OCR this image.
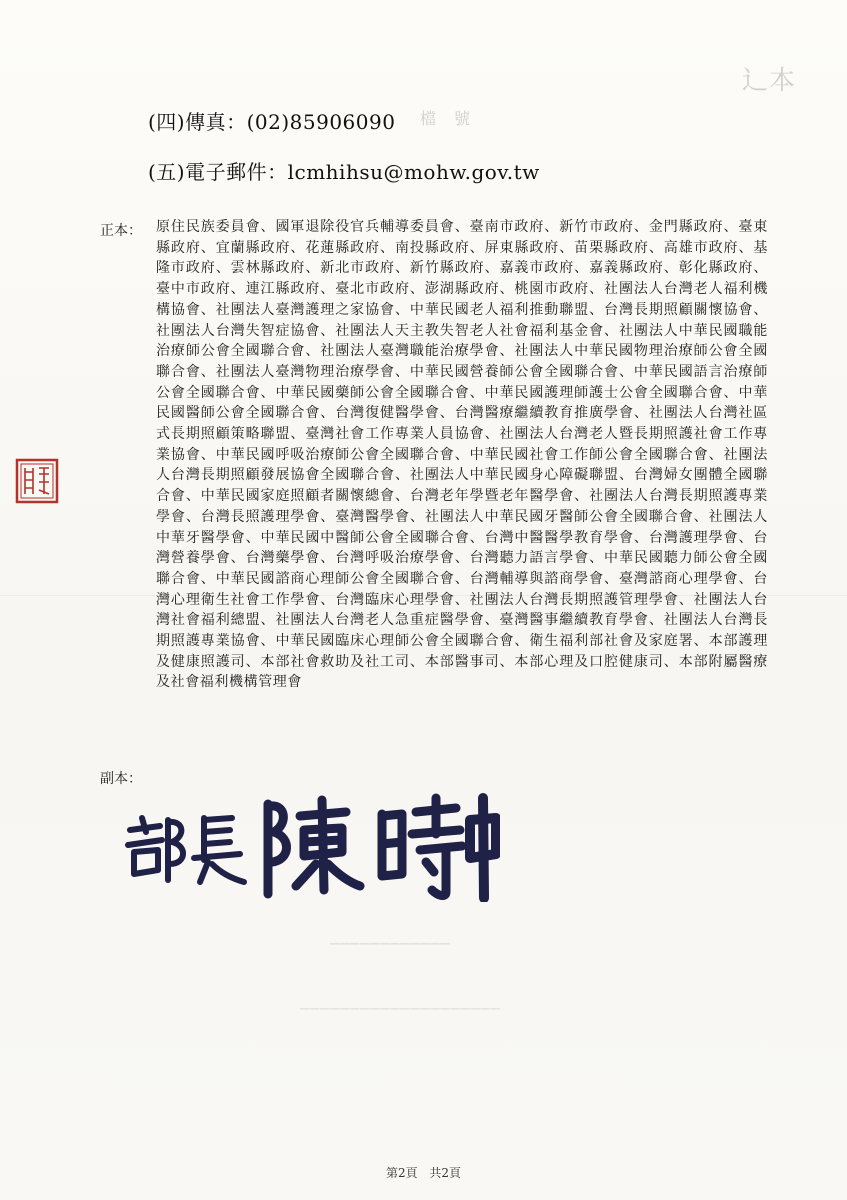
辶本
檔　號
(四)傳真：(02)85906090
(五)電子郵件：lcmhihsu@mohw.gov.tw
正本： 原住民族委員會、國軍退除役官兵輔導委員會、臺南市政府、新竹市政府、金門縣政府、臺東縣政府、宜蘭縣政府、花蓮縣政府、南投縣政府、屏東縣政府、苗栗縣政府、高雄市政府、基隆市政府、雲林縣政府、新北市政府、新竹縣政府、嘉義市政府、嘉義縣政府、彰化縣政府、臺中市政府、連江縣政府、臺北市政府、澎湖縣政府、桃園市政府、社團法人台灣老人福利機構協會、社團法人臺灣護理之家協會、中華民國老人福利推動聯盟、台灣長期照顧關懷協會、社團法人台灣失智症協會、社團法人天主教失智老人社會福利基金會、社團法人中華民國職能治療師公會全國聯合會、社團法人臺灣職能治療學會、社團法人中華民國物理治療師公會全國聯合會、社團法人臺灣物理治療學會、中華民國營養師公會全國聯合會、中華民國語言治療師公會全國聯合會、中華民國藥師公會全國聯合會、中華民國護理師護士公會全國聯合會、中華民國醫師公會全國聯合會、台灣復健醫學會、台灣醫療繼續教育推廣學會、社團法人台灣社區式長期照顧策略聯盟、臺灣社會工作專業人員協會、社團法人台灣老人暨長期照護社會工作專業協會、中華民國呼吸治療師公會全國聯合會、中華民國社會工作師公會全國聯合會、社團法人台灣長期照顧發展協會全國聯合會、社團法人中華民國身心障礙聯盟、台灣婦女團體全國聯合會、中華民國家庭照顧者關懷總會、台灣老年學暨老年醫學會、社團法人台灣長期照護專業學會、台灣長照護理學會、臺灣醫學會、社團法人中華民國牙醫師公會全國聯合會、社團法人中華牙醫學會、中華民國中醫師公會全國聯合會、台灣中醫醫學教育學會、台灣護理學會、台灣營養學會、台灣藥學會、台灣呼吸治療學會、台灣聽力語言學會、中華民國聽力師公會全國聯合會、中華民國諮商心理師公會全國聯合會、台灣輔導與諮商學會、臺灣諮商心理學會、台灣心理衛生社會工作學會、台灣臨床心理學會、社團法人台灣長期照護管理學會、社團法人台灣社會福利總盟、社團法人台灣老人急重症醫學會、臺灣醫事繼續教育學會、社團法人台灣長期照護專業協會、中華民國臨床心理師公會全國聯合會、衛生福利部社會及家庭署、本部護理及健康照護司、本部社會救助及社工司、本部醫事司、本部心理及口腔健康司、本部附屬醫療及社會福利機構管理會
副本：
────────────
────────────────────
第2頁 共2頁
